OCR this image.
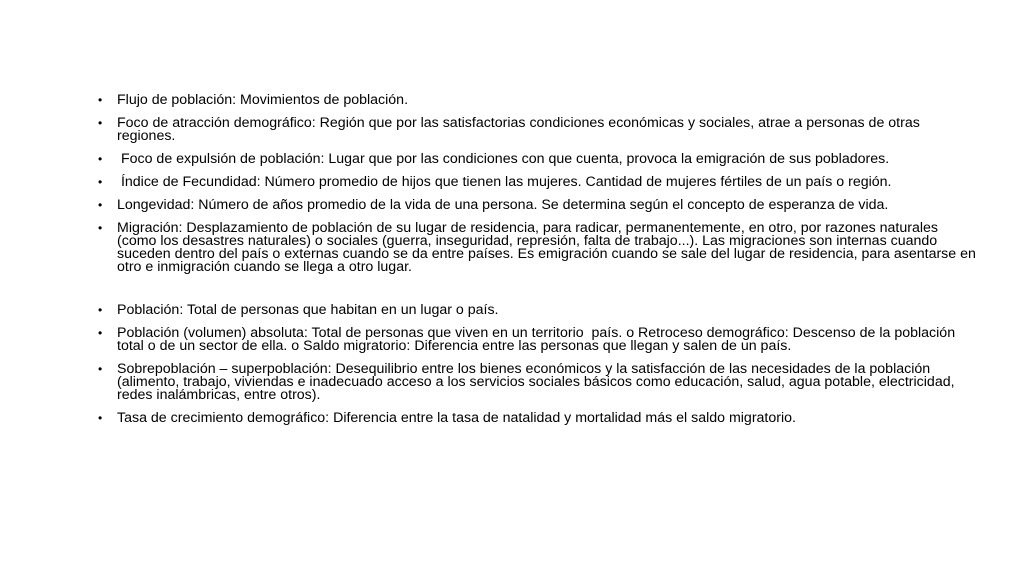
• Flujo de población: Movimientos de población.
• Foco de atracción demográfico: Región que por las satisfactorias condiciones económicas y sociales, atrae a personas de otras regiones.
• Foco de expulsión de población: Lugar que por las condiciones con que cuenta, provoca la emigración de sus pobladores.
• Índice de Fecundidad: Número promedio de hijos que tienen las mujeres. Cantidad de mujeres fértiles de un país o región.
• Longevidad: Número de años promedio de la vida de una persona. Se determina según el concepto de esperanza de vida.
• Migración: Desplazamiento de población de su lugar de residencia, para radicar, permanentemente, en otro, por razones naturales (como los desastres naturales) o sociales (guerra, inseguridad, represión, falta de trabajo...). Las migraciones son internas cuando suceden dentro del país o externas cuando se da entre países. Es emigración cuando se sale del lugar de residencia, para asentarse en otro e inmigración cuando se llega a otro lugar.
• Población: Total de personas que habitan en un lugar o país.
• Población (volumen) absoluta: Total de personas que viven en un territorio  país. o Retroceso demográfico: Descenso de la población total o de un sector de ella. o Saldo migratorio: Diferencia entre las personas que llegan y salen de un país.
• Sobrepoblación – superpoblación: Desequilibrio entre los bienes económicos y la satisfacción de las necesidades de la población (alimento, trabajo, viviendas e inadecuado acceso a los servicios sociales básicos como educación, salud, agua potable, electricidad, redes inalámbricas, entre otros).
• Tasa de crecimiento demográfico: Diferencia entre la tasa de natalidad y mortalidad más el saldo migratorio.
